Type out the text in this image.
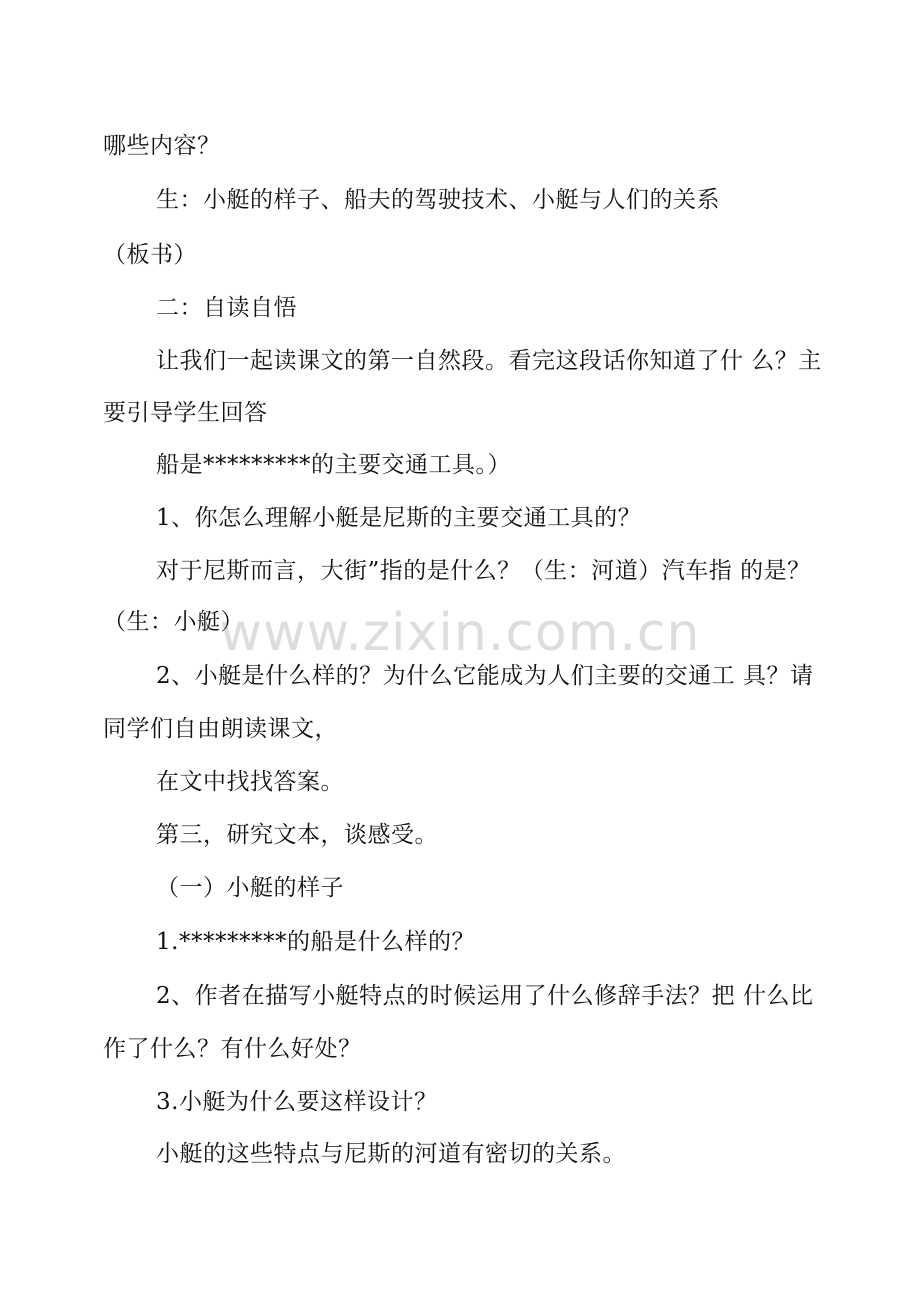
哪些内容？
生：小艇的样子、船夫的驾驶技术、小艇与人们的关系
（板书）
二：自读自悟
让我们一起读课文的第一自然段。看完这段话你知道了什 么？主
要引导学生回答
船是*********的主要交通工具。）
1、你怎么理解小艇是尼斯的主要交通工具的？
对于尼斯而言，大街”指的是什么？（生：河道）汽车指 的是？
（生：小艇）
2、小艇是什么样的？为什么它能成为人们主要的交通工 具？请
同学们自由朗读课文，
在文中找找答案。
第三，研究文本，谈感受。
（一）小艇的样子
1.*********的船是什么样的？
2、作者在描写小艇特点的时候运用了什么修辞手法？把 什么比
作了什么？有什么好处？
3.小艇为什么要这样设计？
小艇的这些特点与尼斯的河道有密切的关系。
www.zixin.com.cn
